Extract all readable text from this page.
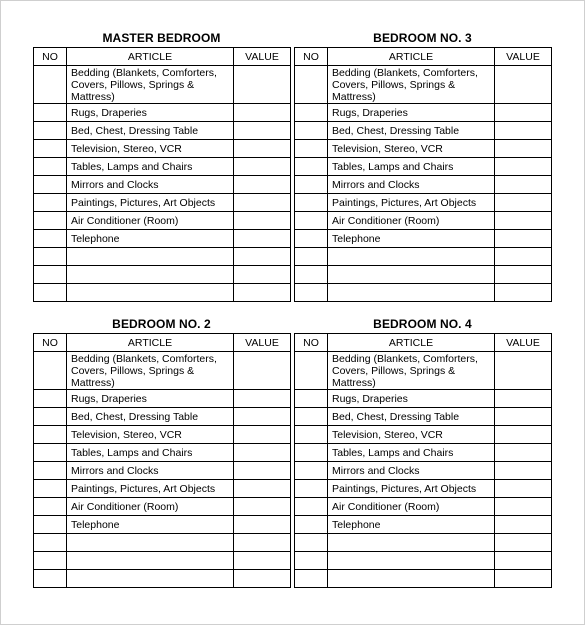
MASTER BEDROOM
NO	ARTICLE	VALUE
	Bedding (Blankets, Comforters, Covers, Pillows, Springs & Mattress)	
	Rugs, Draperies	
	Bed, Chest, Dressing Table	
	Television, Stereo, VCR	
	Tables, Lamps and Chairs	
	Mirrors and Clocks	
	Paintings, Pictures, Art Objects	
	Air Conditioner (Room)	
	Telephone	

BEDROOM NO. 3
NO	ARTICLE	VALUE
	Bedding (Blankets, Comforters, Covers, Pillows, Springs & Mattress)	
	Rugs, Draperies	
	Bed, Chest, Dressing Table	
	Television, Stereo, VCR	
	Tables, Lamps and Chairs	
	Mirrors and Clocks	
	Paintings, Pictures, Art Objects	
	Air Conditioner (Room)	
	Telephone	

BEDROOM NO. 2
NO	ARTICLE	VALUE
	Bedding (Blankets, Comforters, Covers, Pillows, Springs & Mattress)	
	Rugs, Draperies	
	Bed, Chest, Dressing Table	
	Television, Stereo, VCR	
	Tables, Lamps and Chairs	
	Mirrors and Clocks	
	Paintings, Pictures, Art Objects	
	Air Conditioner (Room)	
	Telephone	

BEDROOM NO. 4
NO	ARTICLE	VALUE
	Bedding (Blankets, Comforters, Covers, Pillows, Springs & Mattress)	
	Rugs, Draperies	
	Bed, Chest, Dressing Table	
	Television, Stereo, VCR	
	Tables, Lamps and Chairs	
	Mirrors and Clocks	
	Paintings, Pictures, Art Objects	
	Air Conditioner (Room)	
	Telephone	
